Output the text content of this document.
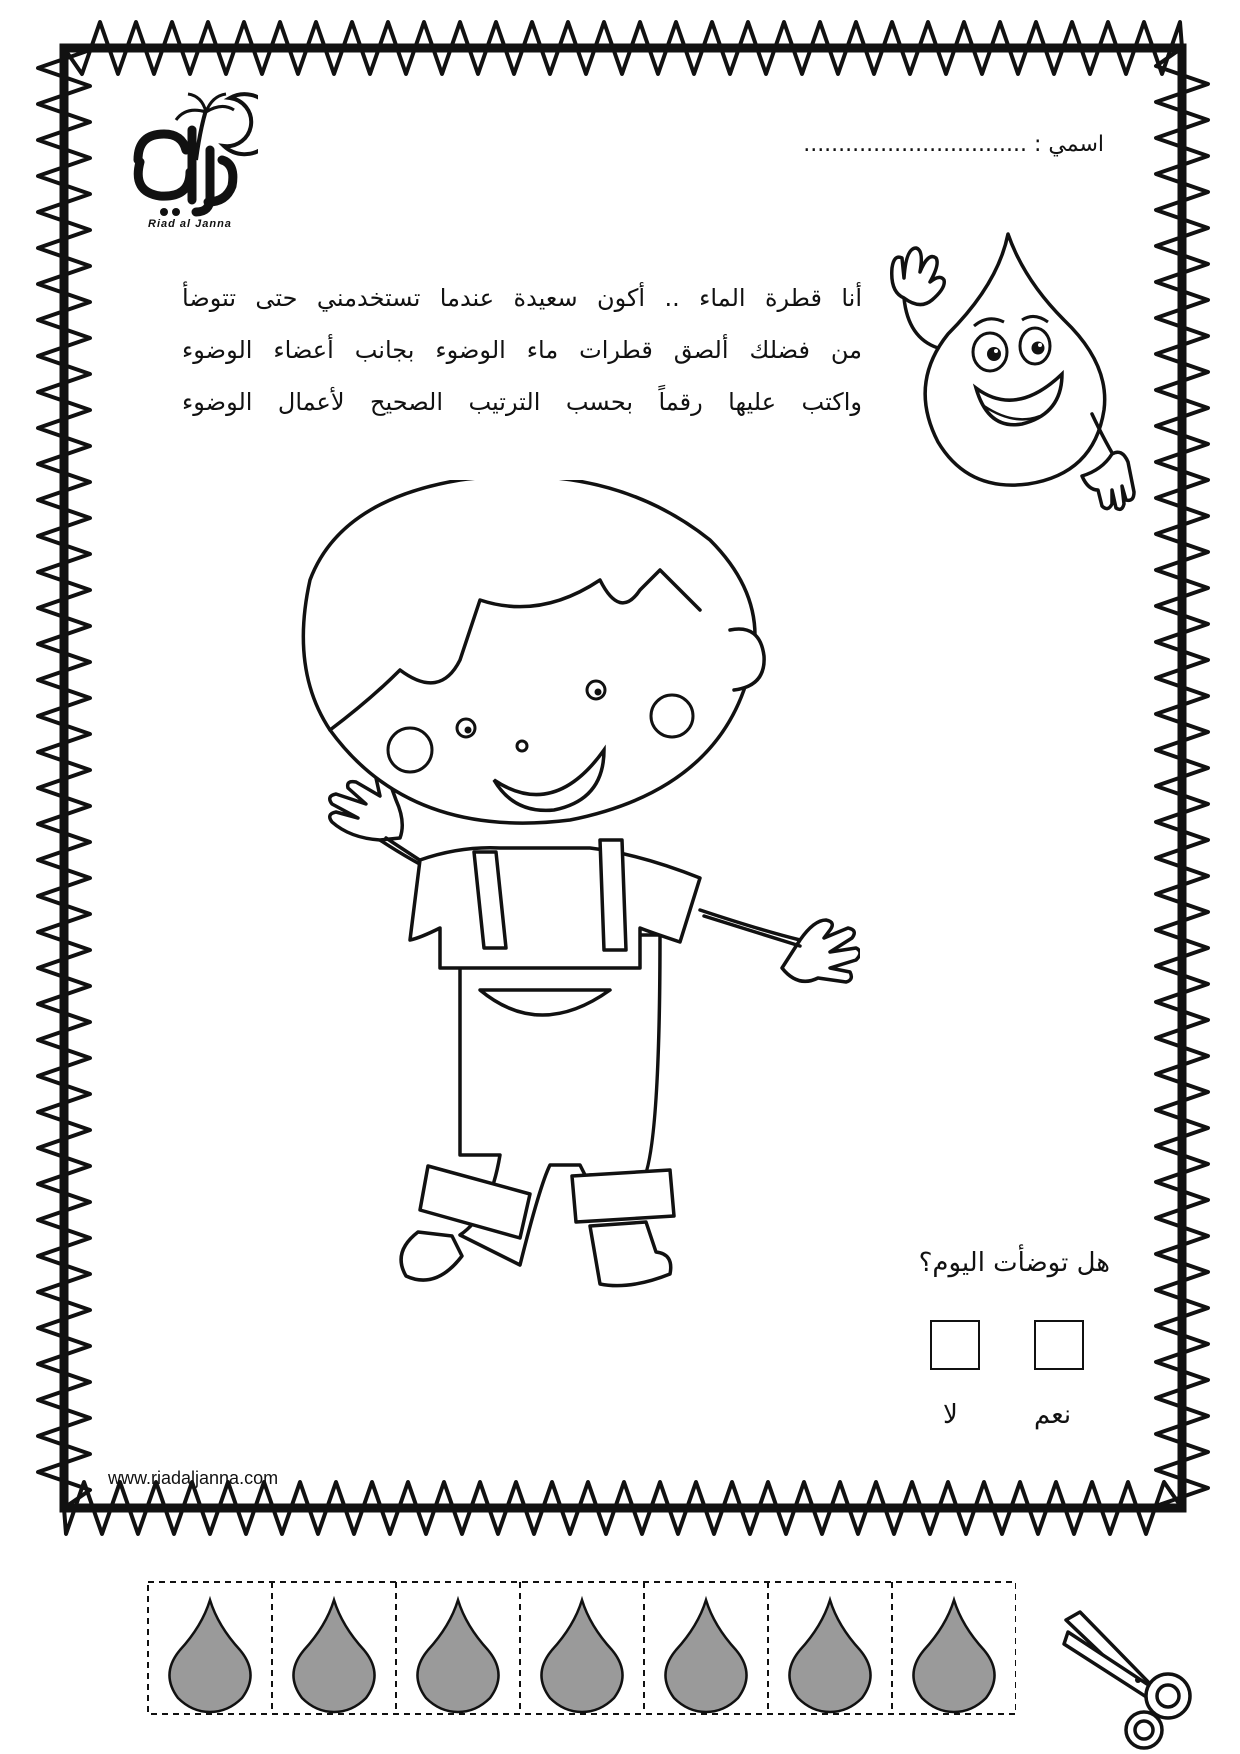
Riad al Janna
اسمي : ................................
أنا قطرة الماء .. أكون سعيدة عندما تستخدمني حتى تتوضأ
من فضلك ألصق قطرات ماء الوضوء بجانب أعضاء الوضوء
واكتب عليها رقماً بحسب الترتيب الصحيح لأعمال الوضوء
هل توضأت اليوم؟
نعم
لا
www.riadaljanna.com
